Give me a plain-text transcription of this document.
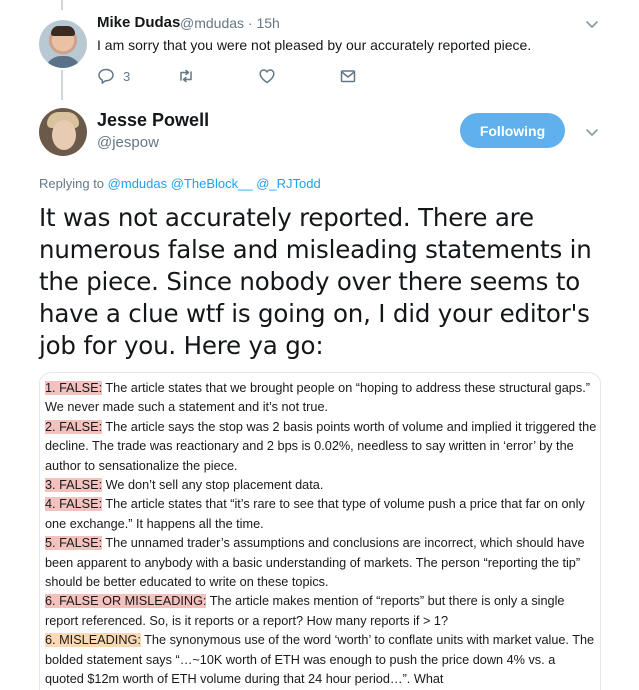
Mike Dudas @mdudas · 15h
I am sorry that you were not pleased by our accurately reported piece.
3
Jesse Powell
@jespow
Following
Replying to @mdudas @TheBlock__ @_RJTodd
It was not accurately reported. There are numerous false and misleading statements in the piece. Since nobody over there seems to have a clue wtf is going on, I did your editor's job for you. Here ya go:

1. FALSE: The article states that we brought people on “hoping to address these structural gaps.” We never made such a statement and it’s not true.

2. FALSE: The article says the stop was 2 basis points worth of volume and implied it triggered the decline. The trade was reactionary and 2 bps is 0.02%, needless to say written in ‘error’ by the author to sensationalize the piece.

3. FALSE: We don’t sell any stop placement data.

4. FALSE: The article states that “it’s rare to see that type of volume push a price that far on only one exchange.” It happens all the time.

5. FALSE: The unnamed trader’s assumptions and conclusions are incorrect, which should have been apparent to anybody with a basic understanding of markets. The person “reporting the tip” should be better educated to write on these topics.

6. FALSE OR MISLEADING: The article makes mention of “reports” but there is only a single report referenced. So, is it reports or a report? How many reports if > 1?

6. MISLEADING: The synonymous use of the word ‘worth’ to conflate units with market value. The bolded statement says “…~10K worth of ETH was enough to push the price down 4% vs. a quoted $12m worth of ETH volume during that 24 hour period…”. What
